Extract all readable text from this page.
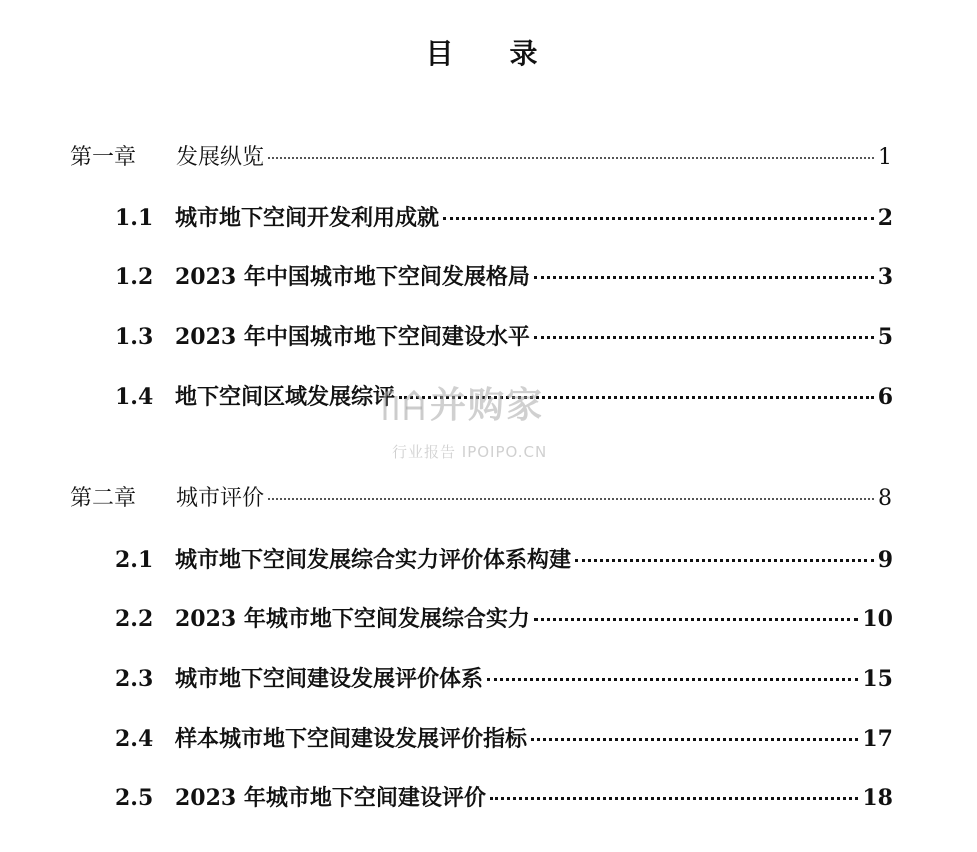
目　录
第一章	发展纵览	1
1.1 城市地下空间开发利用成就	2
1.2 2023 年中国城市地下空间发展格局	3
1.3 2023 年中国城市地下空间建设水平	5
1.4 地下空间区域发展综评	6
第二章	城市评价	8
2.1 城市地下空间发展综合实力评价体系构建	9
2.2 2023 年城市地下空间发展综合实力	10
2.3 城市地下空间建设发展评价体系	15
2.4 样本城市地下空间建设发展评价指标	17
2.5 2023 年城市地下空间建设评价	18
并购家
行业报告 IPOIPO.CN
